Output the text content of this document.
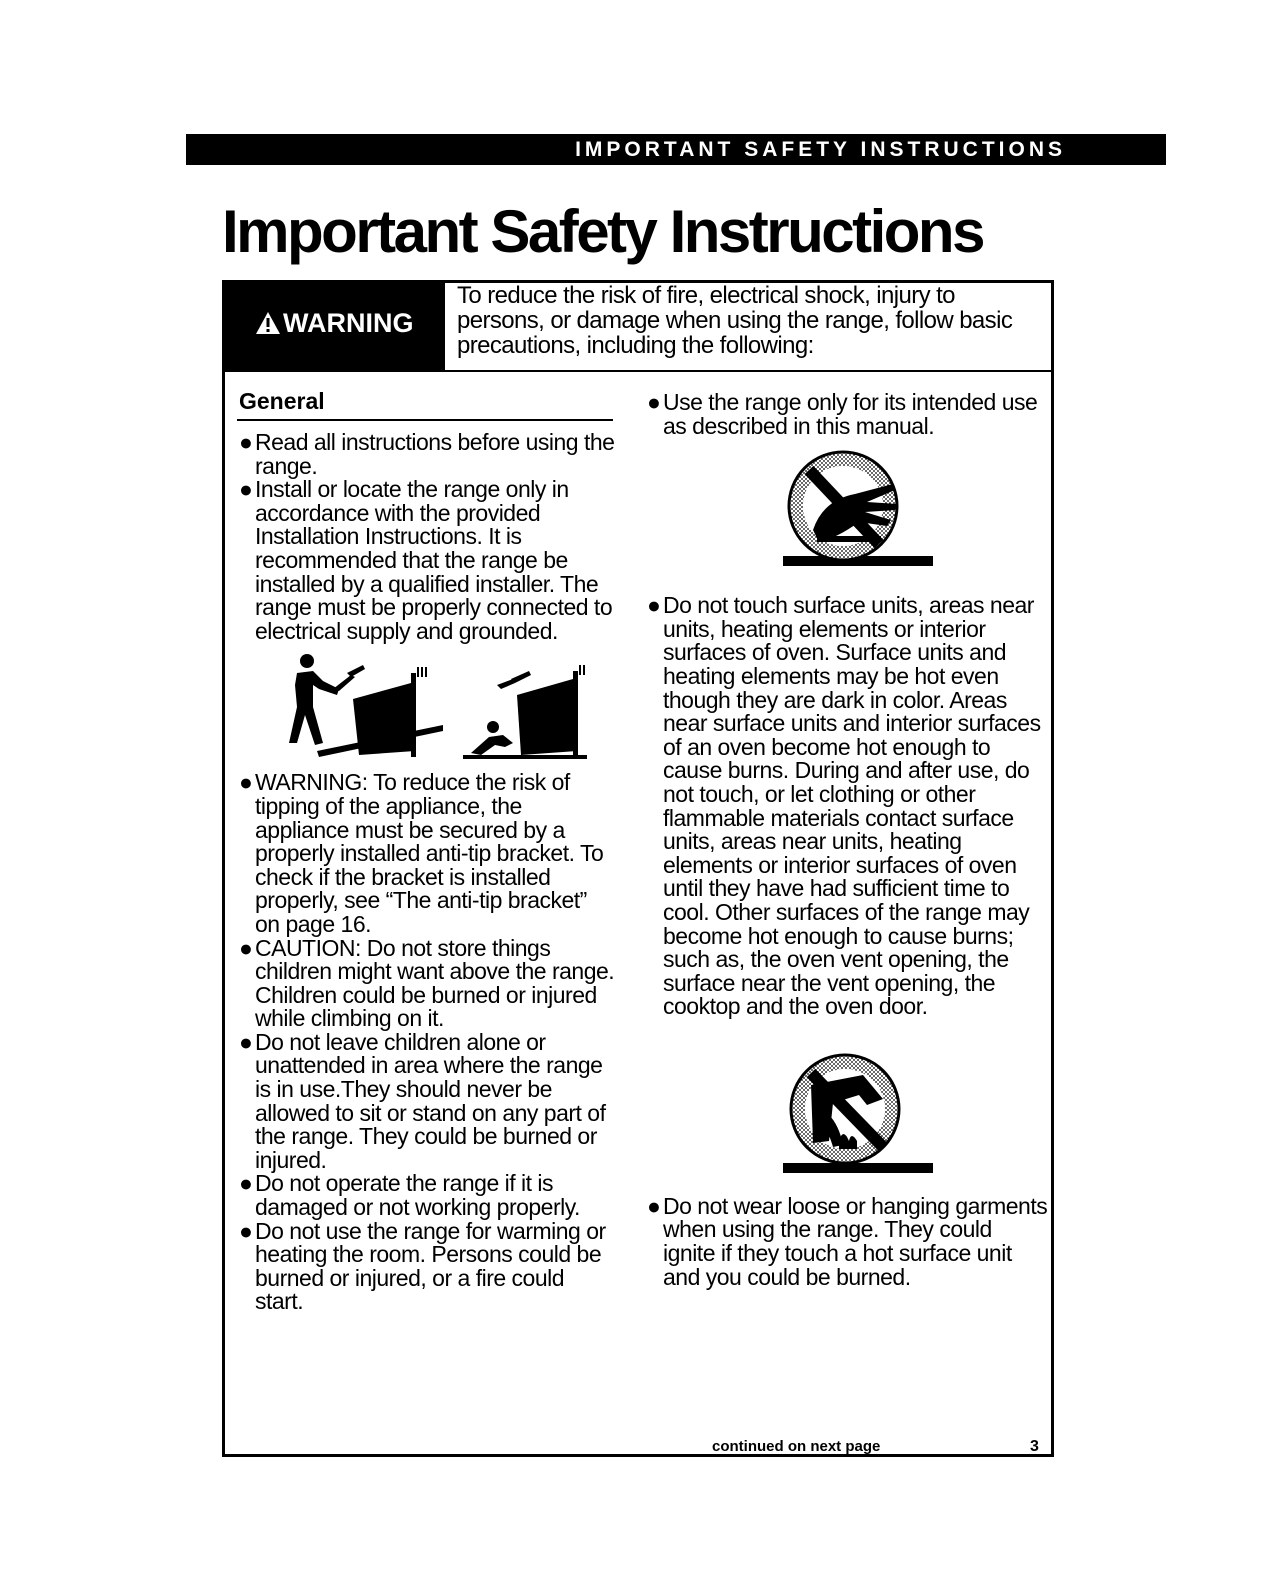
IMPORTANT SAFETY INSTRUCTIONS
Important Safety Instructions
WARNING
To reduce the risk of fire, electrical shock, injury to persons, or damage when using the range, follow basic precautions, including the following:
General

● Read all instructions before using the range.

● Install or locate the range only in accordance with the provided Installation Instructions. It is recommended that the range be installed by a qualified installer. The range must be properly connected to electrical supply and grounded.

● WARNING: To reduce the risk of tipping of the appliance, the appliance must be secured by a properly installed anti-tip bracket. To check if the bracket is installed properly, see “The anti-tip bracket” on page 16.

● CAUTION: Do not store things children might want above the range. Children could be burned or injured while climbing on it.

● Do not leave children alone or unattended in area where the range is in use.They should never be allowed to sit or stand on any part of the range. They could be burned or injured.

● Do not operate the range if it is damaged or not working properly.

● Do not use the range for warming or heating the room. Persons could be burned or injured, or a fire could start.

● Use the range only for its intended use as described in this manual.

● Do not touch surface units, areas near units, heating elements or interior surfaces of oven. Surface units and heating elements may be hot even though they are dark in color. Areas near surface units and interior surfaces of an oven become hot enough to cause burns. During and after use, do not touch, or let clothing or other flammable materials contact surface units, areas near units, heating elements or interior surfaces of oven until they have had sufficient time to cool. Other surfaces of the range may become hot enough to cause burns; such as, the oven vent opening, the surface near the vent opening, the cooktop and the oven door.

● Do not wear loose or hanging garments when using the range. They could ignite if they touch a hot surface unit and you could be burned.

continued on next page	3
